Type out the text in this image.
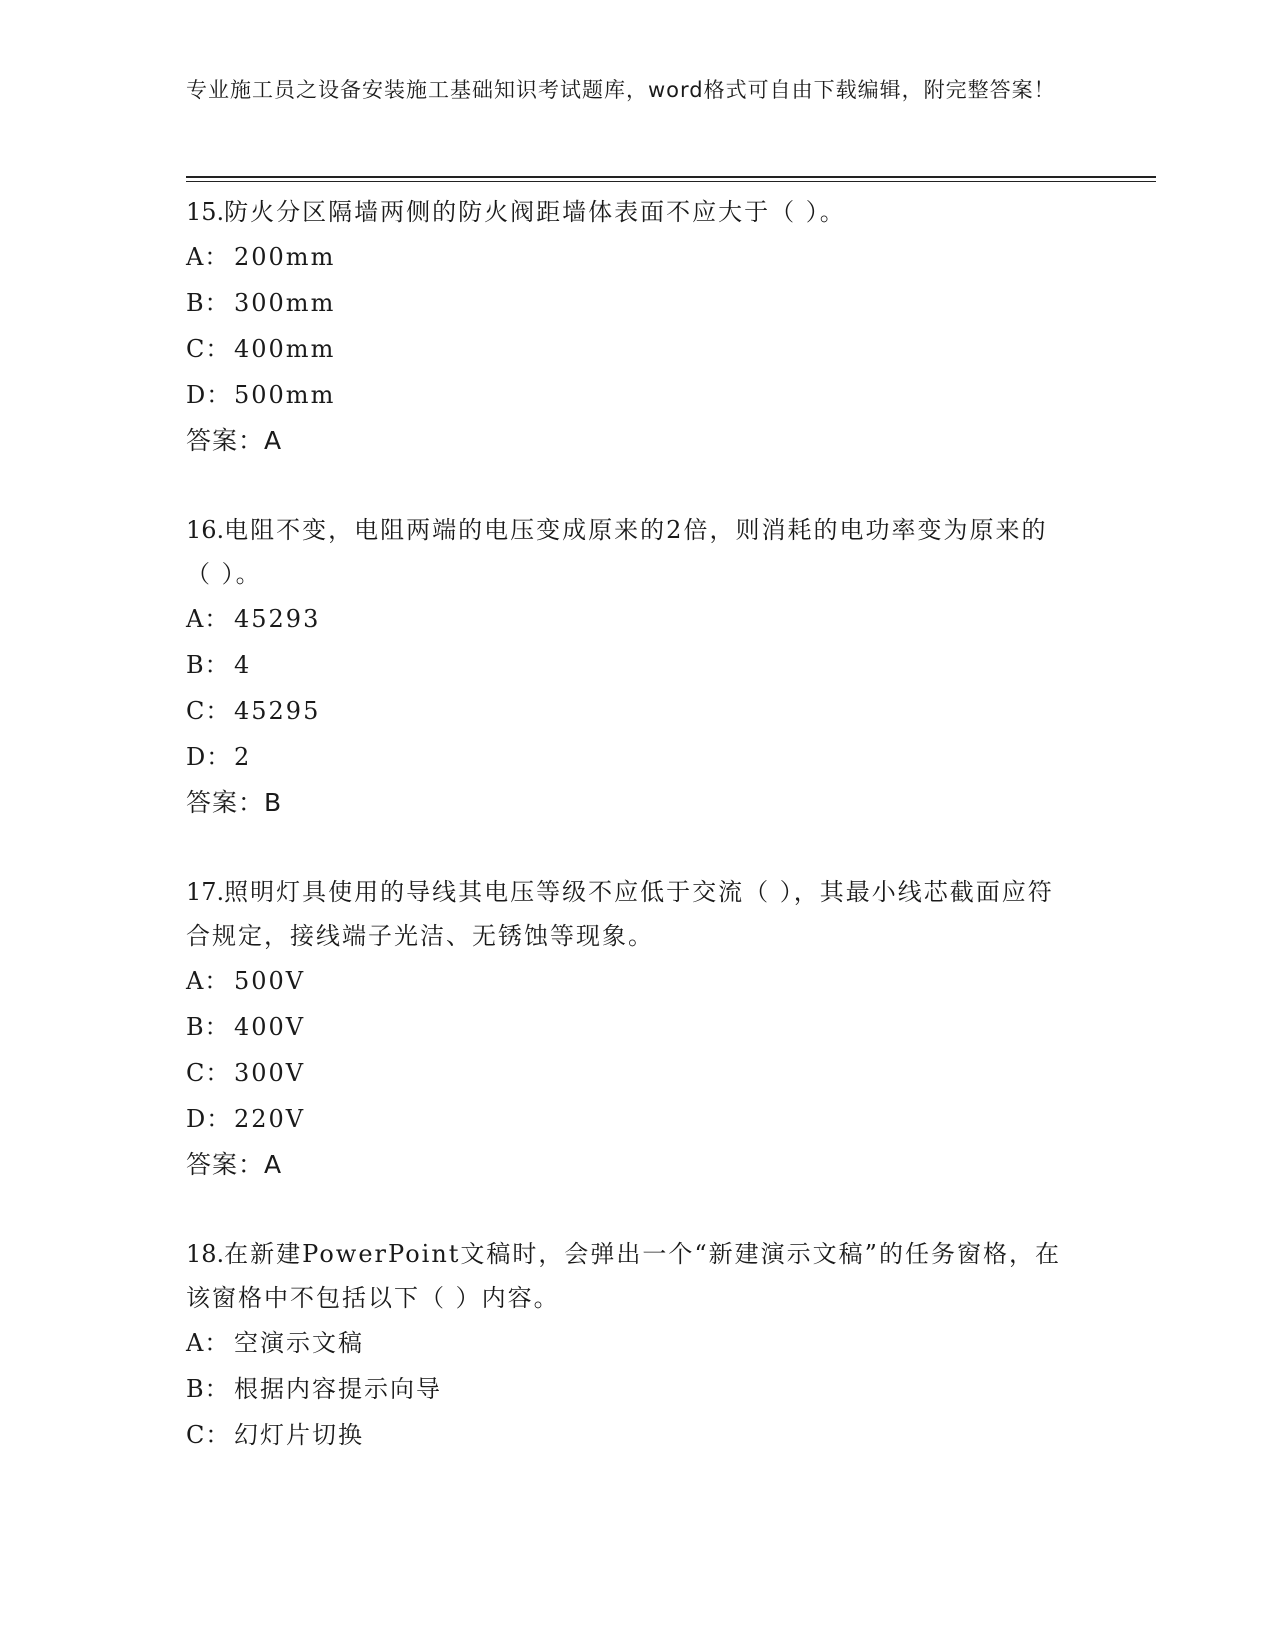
专业施工员之设备安装施工基础知识考试题库，word格式可自由下载编辑，附完整答案！
15.防火分区隔墙两侧的防火阀距墙体表面不应大于（ ）。
A： 200mm
B： 300mm
C： 400mm
D： 500mm
答案：A
16.电阻不变，电阻两端的电压变成原来的2倍，则消耗的电功率变为原来的（ ）。
A： 45293
B： 4
C： 45295
D： 2
答案：B
17.照明灯具使用的导线其电压等级不应低于交流（ ），其最小线芯截面应符合规定，接线端子光洁、无锈蚀等现象。
A： 500V
B： 400V
C： 300V
D： 220V
答案：A
18.在新建PowerPoint文稿时，会弹出一个“新建演示文稿”的任务窗格，在该窗格中不包括以下（ ）内容。
A： 空演示文稿
B： 根据内容提示向导
C： 幻灯片切换
